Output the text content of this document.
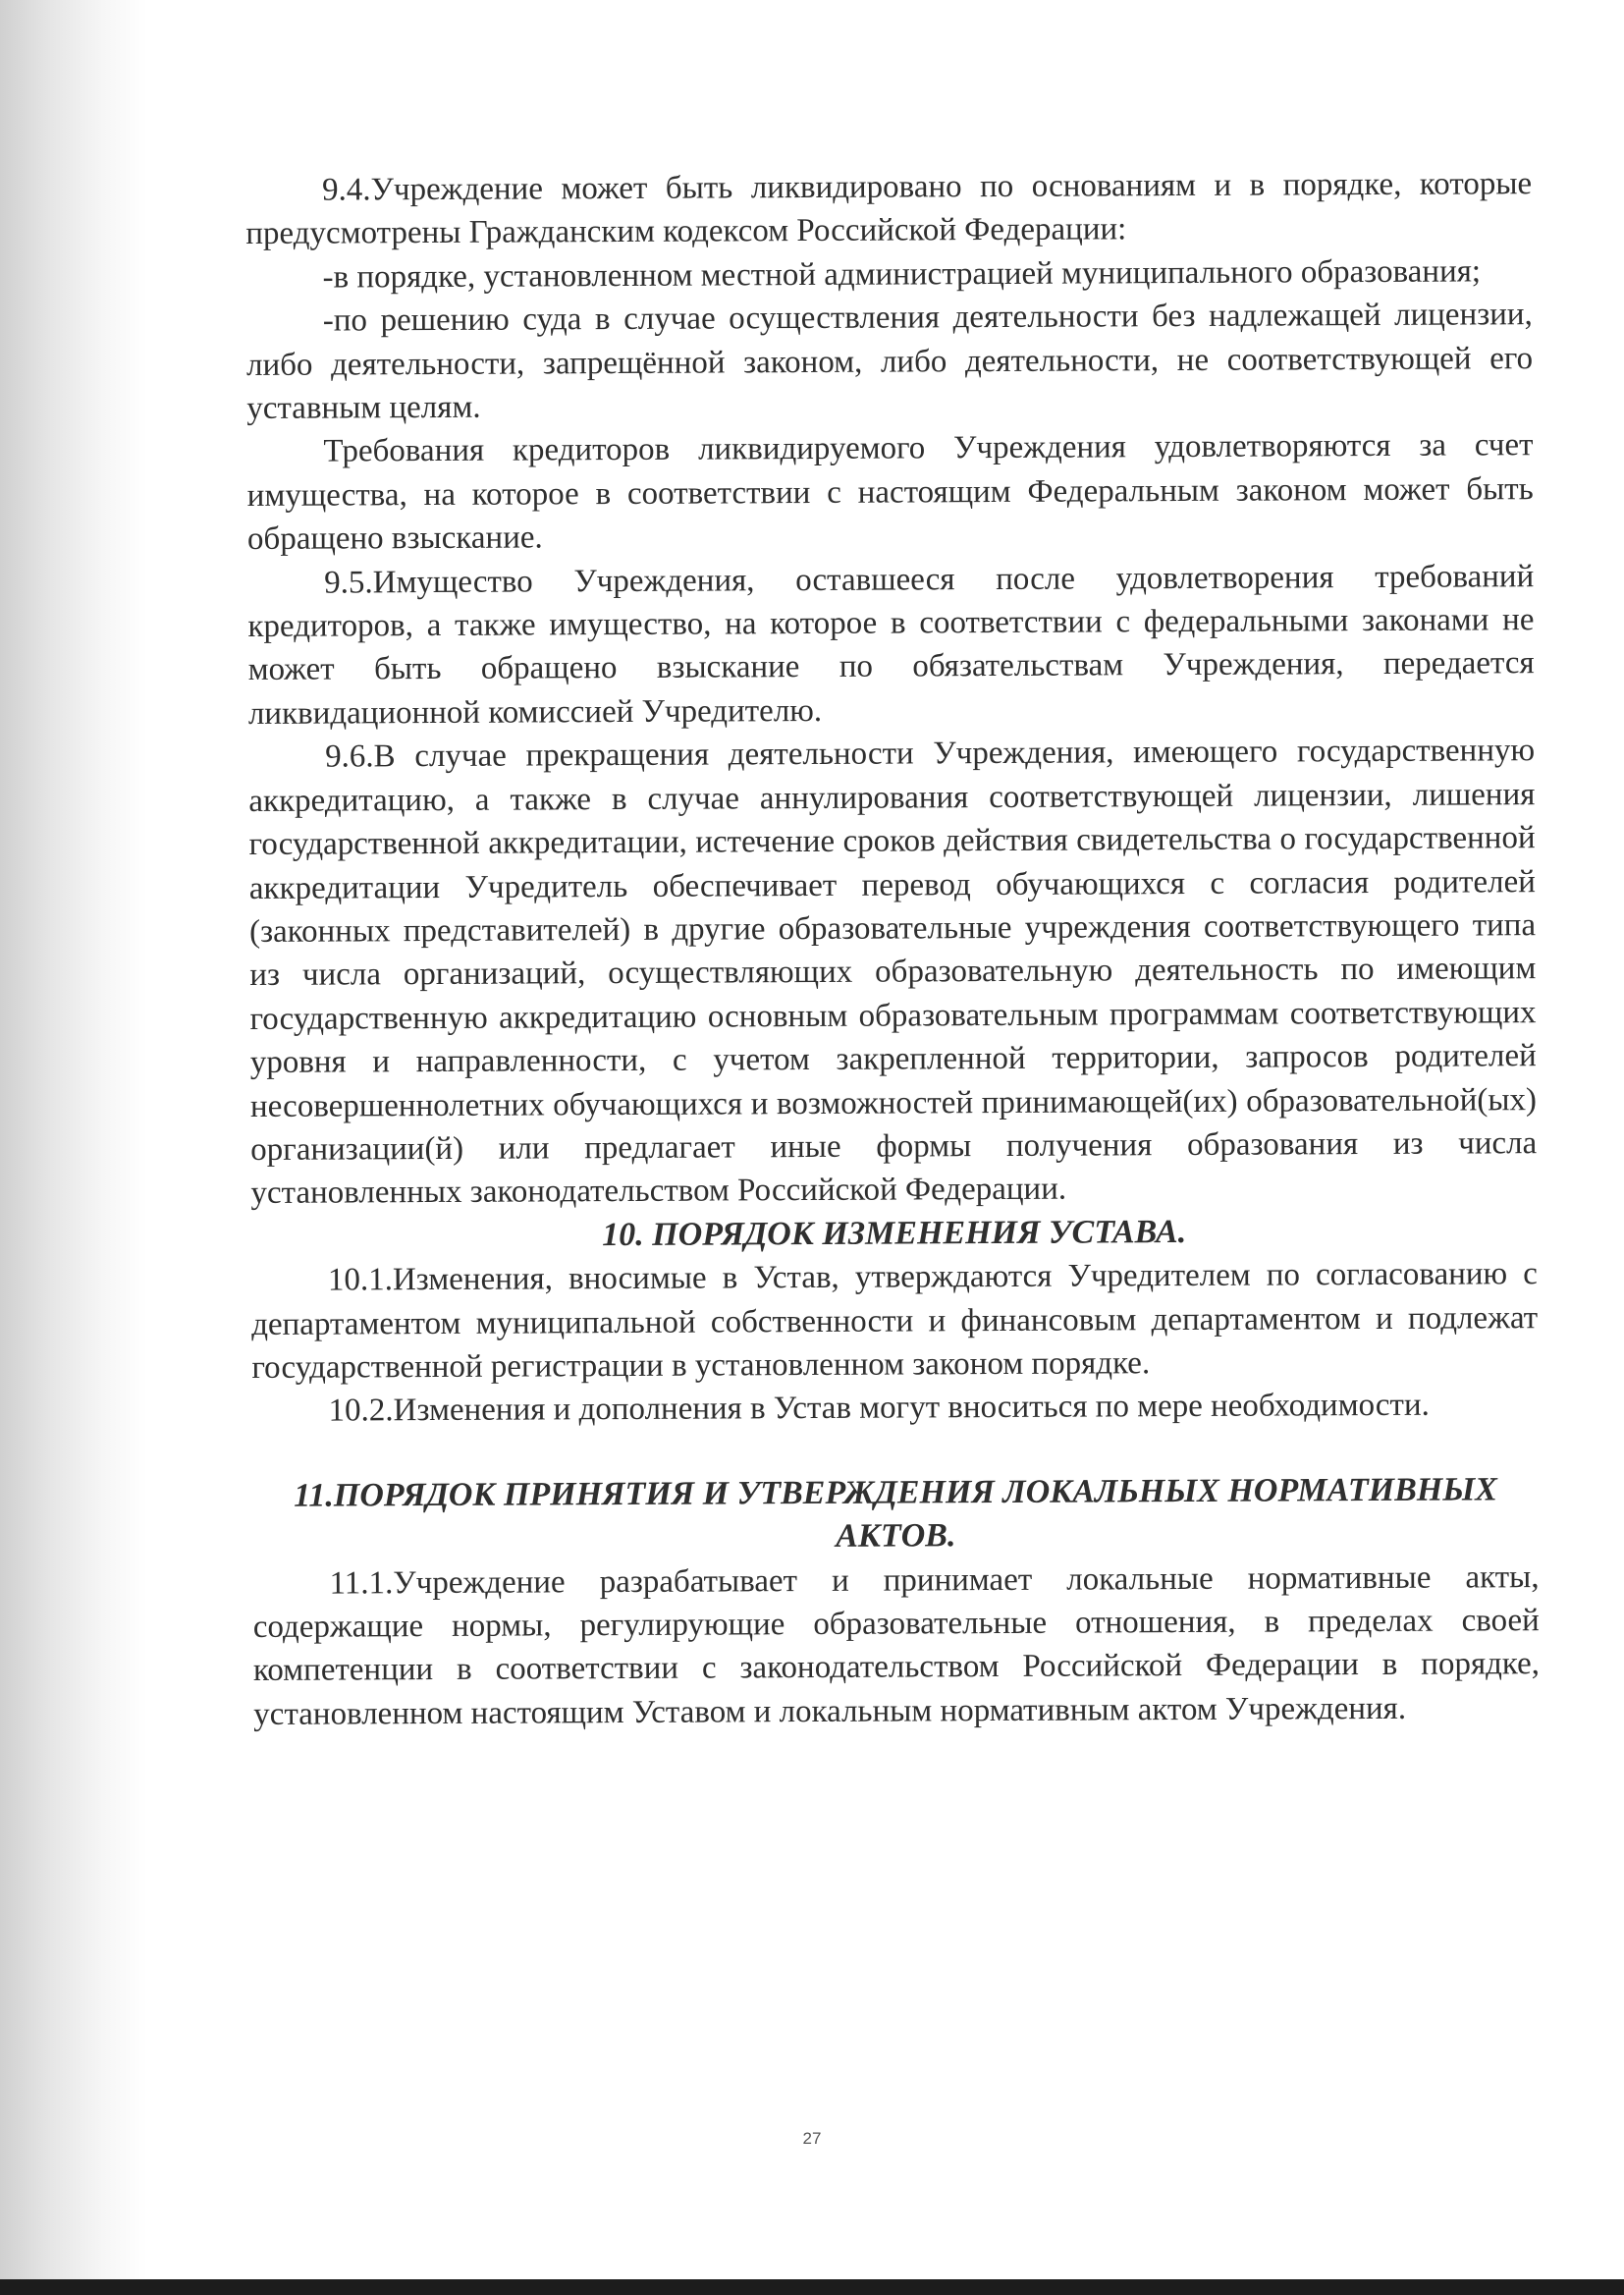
9.4.Учреждение может быть ликвидировано по основаниям и в порядке, которые предусмотрены Гражданским кодексом Российской Федерации:

-в порядке, установленном местной администрацией муниципального образования;

-по решению суда в случае осуществления деятельности без надлежащей лицензии, либо деятельности, запрещённой законом, либо деятельности, не соответствующей его уставным целям.

Требования кредиторов ликвидируемого Учреждения удовлетворяются за счет имущества, на которое в соответствии с настоящим Федеральным законом может быть обращено взыскание.

9.5.Имущество Учреждения, оставшееся после удовлетворения требований кредиторов, а также имущество, на которое в соответствии с федеральными законами не может быть обращено взыскание по обязательствам Учреждения, передается ликвидационной комиссией Учредителю.

9.6.В случае прекращения деятельности Учреждения, имеющего государственную аккредитацию, а также в случае аннулирования соответствующей лицензии, лишения государственной аккредитации, истечение сроков действия свидетельства о государственной аккредитации Учредитель обеспечивает перевод обучающихся с согласия родителей (законных представителей) в другие образовательные учреждения соответствующего типа из числа организаций, осуществляющих образовательную деятельность по имеющим государственную аккредитацию основным образовательным программам соответствующих уровня и направленности, с учетом закрепленной территории, запросов родителей несовершеннолетних обучающихся и возможностей принимающей(их) образовательной(ых) организации(й) или предлагает иные формы получения образования из числа установленных законодательством Российской Федерации.

10. ПОРЯДОК ИЗМЕНЕНИЯ УСТАВА.

10.1.Изменения, вносимые в Устав, утверждаются Учредителем по согласованию с департаментом муниципальной собственности и финансовым департаментом и подлежат государственной регистрации в установленном законом порядке.

10.2.Изменения и дополнения в Устав могут вноситься по мере необходимости.

11.ПОРЯДОК ПРИНЯТИЯ И УТВЕРЖДЕНИЯ ЛОКАЛЬНЫХ НОРМАТИВНЫХ АКТОВ.

11.1.Учреждение разрабатывает и принимает локальные нормативные акты, содержащие нормы, регулирующие образовательные отношения, в пределах своей компетенции в соответствии с законодательством Российской Федерации в порядке, установленном настоящим Уставом и локальным нормативным актом Учреждения.

27
